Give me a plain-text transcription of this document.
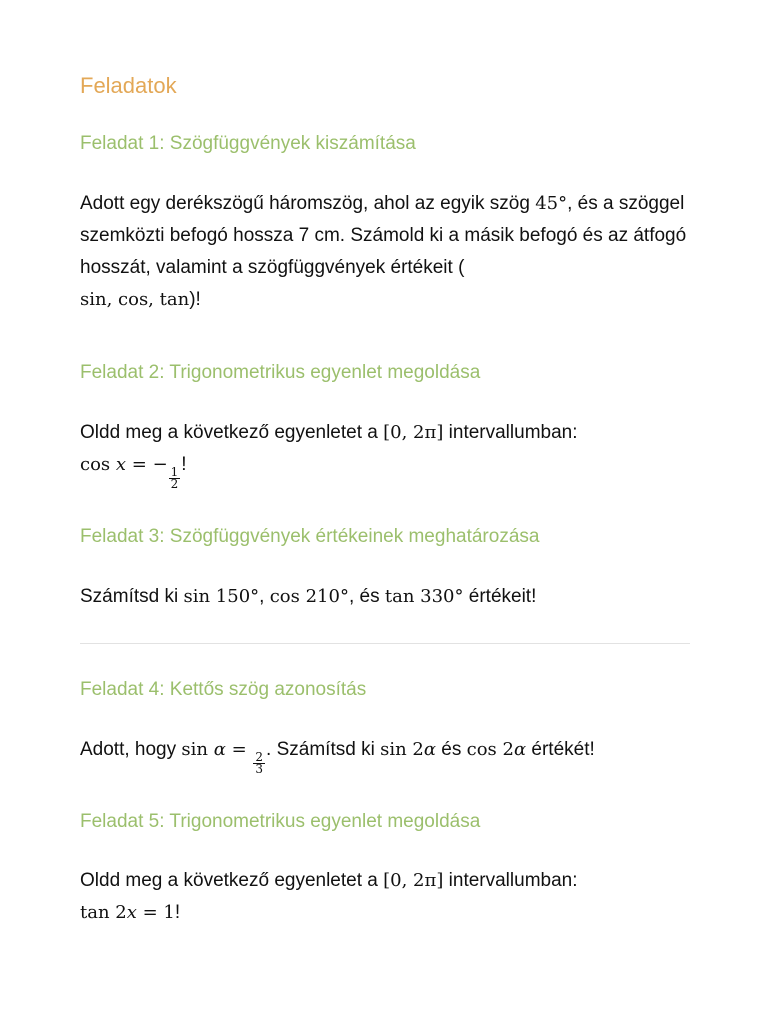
Feladatok
Feladat 1: Szögfüggvények kiszámítása
Adott egy derékszögű háromszög, ahol az egyik szög 45°, és a szöggel szemközti befogó hossza 7 cm. Számold ki a másik befogó és az átfogó hosszát, valamint a szögfüggvények értékeit (
sin, cos, tan)!
Feladat 2: Trigonometrikus egyenlet megoldása
Oldd meg a következő egyenletet a [0, 2π] intervallumban:
cos x = −
$\frac{1}{2}$
!
Feladat 3: Szögfüggvények értékeinek meghatározása
Számítsd ki sin 150°, cos 210°, és tan 330° értékeit!
Feladat 4: Kettős szög azonosítás
Adott, hogy sin α =
$\frac{2}{3}$
. Számítsd ki sin 2α és cos 2α értékét!
Feladat 5: Trigonometrikus egyenlet megoldása
Oldd meg a következő egyenletet a [0, 2π] intervallumban:
tan 2x = 1!
